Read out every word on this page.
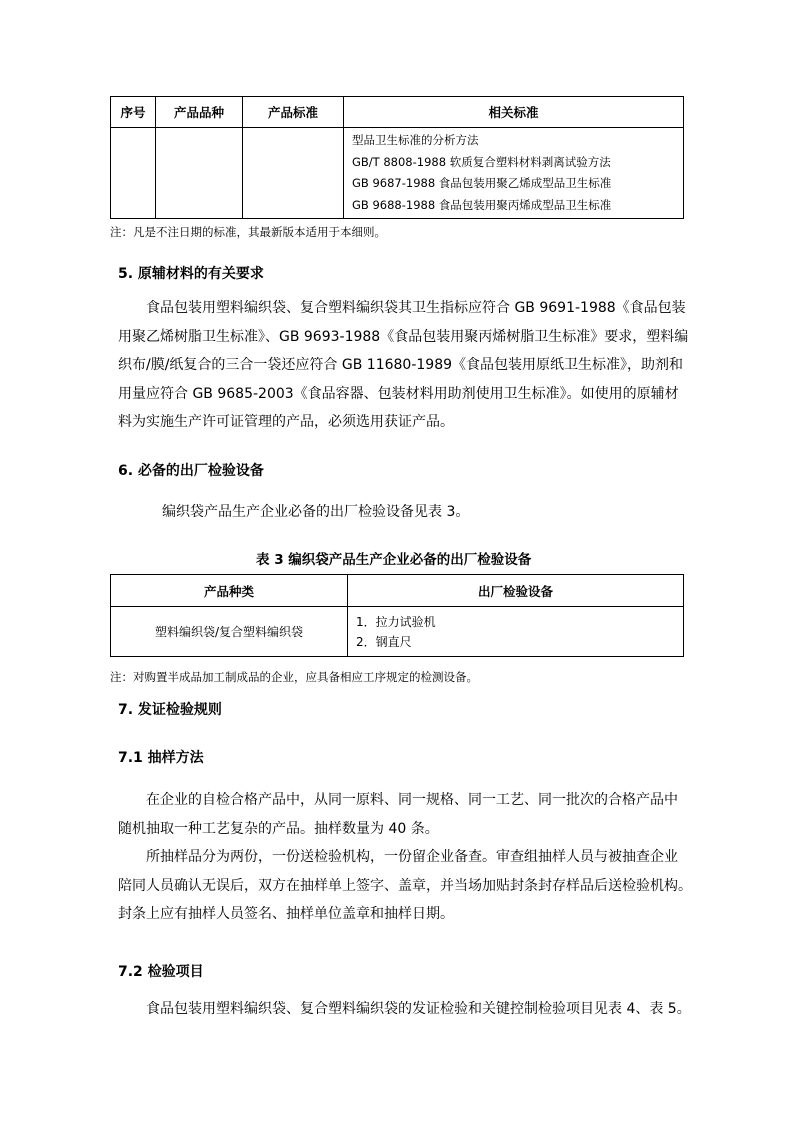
序号	产品品种	产品标准	相关标准

			型品卫生标准的分析方法
GB/T 8808-1988 软质复合塑料材料剥离试验方法
GB 9687-1988 食品包装用聚乙烯成型品卫生标准
GB 9688-1988 食品包装用聚丙烯成型品卫生标准
注：凡是不注日期的标准，其最新版本适用于本细则。
5. 原辅材料的有关要求
食品包装用塑料编织袋、复合塑料编织袋其卫生指标应符合 GB 9691-1988《食品包装
用聚乙烯树脂卫生标准》、GB 9693-1988《食品包装用聚丙烯树脂卫生标准》要求，塑料编
织布/膜/纸复合的三合一袋还应符合 GB 11680-1989《食品包装用原纸卫生标准》，助剂和
用量应符合 GB 9685-2003《食品容器、包装材料用助剂使用卫生标准》。如使用的原辅材
料为实施生产许可证管理的产品，必须选用获证产品。
6. 必备的出厂检验设备
编织袋产品生产企业必备的出厂检验设备见表 3。
表 3 编织袋产品生产企业必备的出厂检验设备
产品种类	出厂检验设备
塑料编织袋/复合塑料编织袋	1．拉力试验机
2．钢直尺
注：对购置半成品加工制成品的企业，应具备相应工序规定的检测设备。
7. 发证检验规则
7.1 抽样方法
在企业的自检合格产品中，从同一原料、同一规格、同一工艺、同一批次的合格产品中
随机抽取一种工艺复杂的产品。抽样数量为 40 条。
所抽样品分为两份，一份送检验机构，一份留企业备查。审查组抽样人员与被抽查企业
陪同人员确认无误后，双方在抽样单上签字、盖章，并当场加贴封条封存样品后送检验机构。
封条上应有抽样人员签名、抽样单位盖章和抽样日期。
7.2 检验项目
食品包装用塑料编织袋、复合塑料编织袋的发证检验和关键控制检验项目见表 4、表 5。
